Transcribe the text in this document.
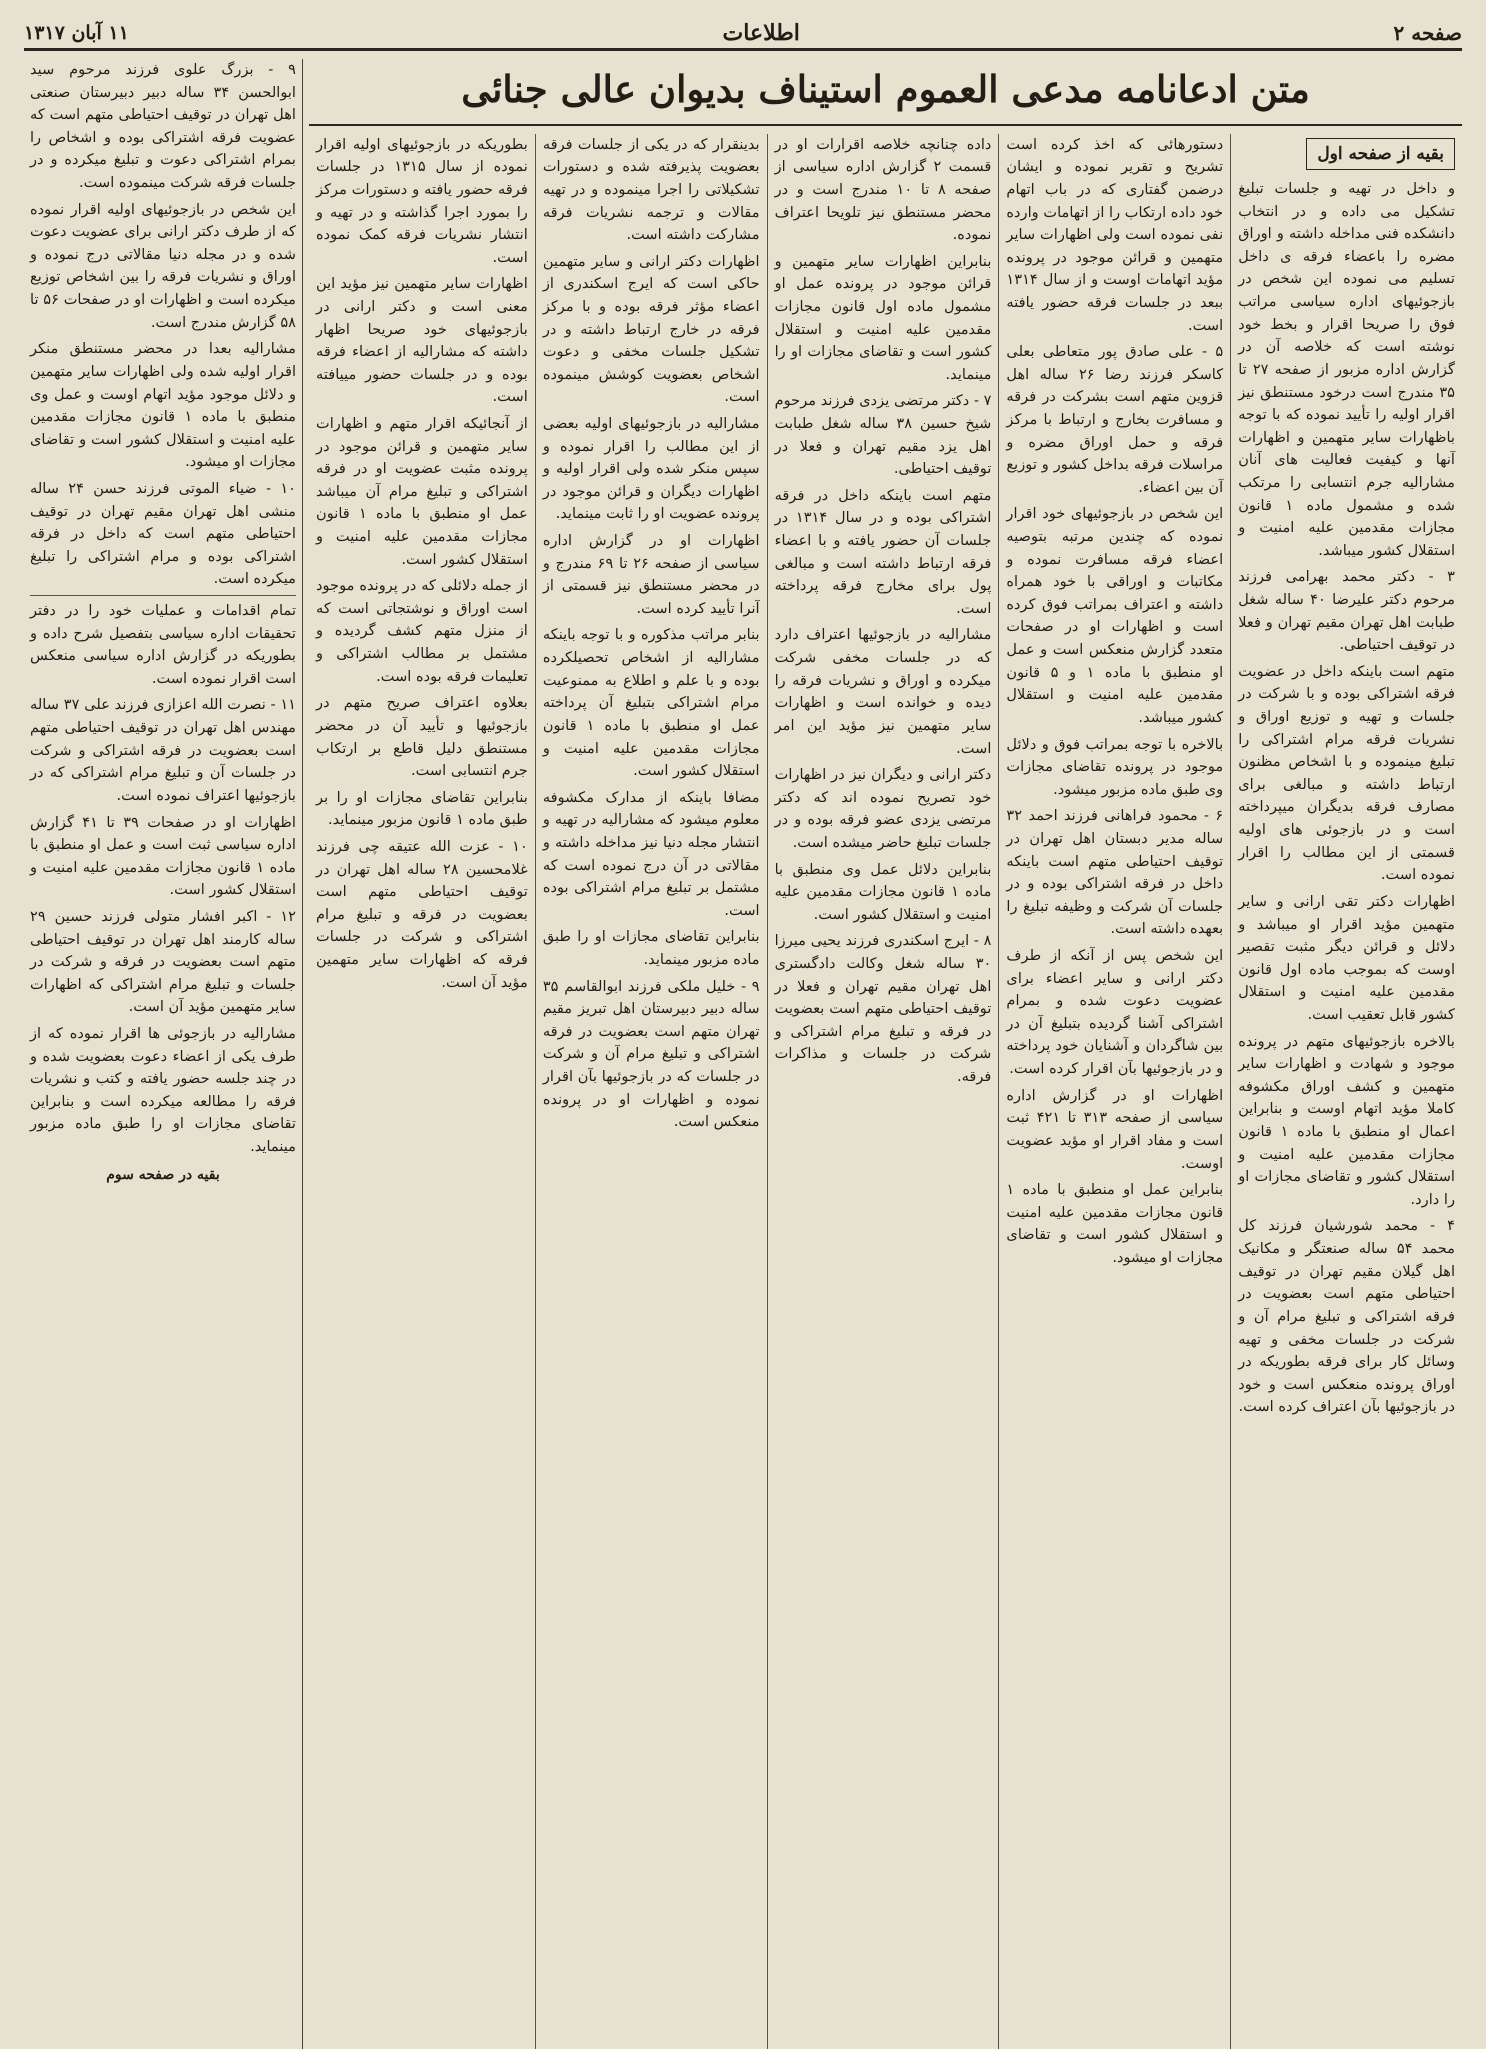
صفحه ۲
اطلاعات
۱۱ آبان ۱۳۱۷
متن ادعانامه مدعی العموم استیناف بدیوان عالی جنائی
بقیه از صفحه اول

و داخل در تهیه و جلسات تبلیغ تشکیل می داده و در انتخاب دانشکده فنی مداخله داشته و اوراق مضره را باعضاء فرقه ی داخل تسلیم می نموده این شخص در بازجوئیهای اداره سیاسی مراتب فوق را صریحا اقرار و بخط خود نوشته است که خلاصه آن در گزارش اداره مزبور از صفحه ۲۷ تا ۳۵ مندرج است درخود مستنطق نیز اقرار اولیه را تأیید نموده که با توجه باظهارات سایر متهمین و اظهارات آنها و کیفیت فعالیت های آنان مشارالیه جرم انتسابی را مرتکب شده و مشمول ماده ۱ قانون مجازات مقدمین علیه امنیت و استقلال کشور میباشد.

۳ - دکتر محمد بهرامی فرزند مرحوم دکتر علیرضا ۴۰ ساله شغل طبابت اهل تهران مقیم تهران و فعلا در توقیف احتیاطی.

متهم است باینکه داخل در عضویت فرقه اشتراکی بوده و با شرکت در جلسات و تهیه و توزیع اوراق و نشریات فرقه مرام اشتراکی را تبلیغ مینموده و با اشخاص مظنون ارتباط داشته و مبالغی برای مصارف فرقه بدیگران میپرداخته است و در بازجوئی های اولیه قسمتی از این مطالب را اقرار نموده است.

اظهارات دکتر تقی ارانی و سایر متهمین مؤید اقرار او میباشد و دلائل و قرائن دیگر مثبت تقصیر اوست که بموجب ماده اول قانون مقدمین علیه امنیت و استقلال کشور قابل تعقیب است.

بالاخره بازجوئیهای متهم در پرونده موجود و شهادت و اظهارات سایر متهمین و کشف اوراق مکشوفه کاملا مؤید اتهام اوست و بنابراین اعمال او منطبق با ماده ۱ قانون مجازات مقدمین علیه امنیت و استقلال کشور و تقاضای مجازات او را دارد.

۴ - محمد شورشیان فرزند کل محمد ۵۴ ساله صنعتگر و مکانیک اهل گیلان مقیم تهران در توقیف احتیاطی متهم است بعضویت در فرقه اشتراکی و تبلیغ مرام آن و شرکت در جلسات مخفی و تهیه وسائل کار برای فرقه بطوریکه در اوراق پرونده منعکس است و خود در بازجوئیها بآن اعتراف کرده است.

دستورهائی که اخذ کرده است تشریح و تقریر نموده و ایشان درضمن گفتاری که در باب اتهام خود داده ارتکاب را از اتهامات وارده نفی نموده است ولی اظهارات سایر متهمین و قرائن موجود در پرونده مؤید اتهامات اوست و از سال ۱۳۱۴ ببعد در جلسات فرقه حضور یافته است.

۵ - علی صادق پور متعاطی بعلی کاسکر فرزند رضا ۲۶ ساله اهل قزوین متهم است بشرکت در فرقه و مسافرت بخارج و ارتباط با مرکز فرقه و حمل اوراق مضره و مراسلات فرقه بداخل کشور و توزیع آن بین اعضاء.

این شخص در بازجوئیهای خود اقرار نموده که چندین مرتبه بتوصیه اعضاء فرقه مسافرت نموده و مکاتبات و اوراقی با خود همراه داشته و اعتراف بمراتب فوق کرده است و اظهارات او در صفحات متعدد گزارش منعکس است و عمل او منطبق با ماده ۱ و ۵ قانون مقدمین علیه امنیت و استقلال کشور میباشد.

بالاخره با توجه بمراتب فوق و دلائل موجود در پرونده تقاضای مجازات وی طبق ماده مزبور میشود.

۶ - محمود فراهانی فرزند احمد ۳۲ ساله مدیر دبستان اهل تهران در توقیف احتیاطی متهم است باینکه داخل در فرقه اشتراکی بوده و در جلسات آن شرکت و وظیفه تبلیغ را بعهده داشته است.

این شخص پس از آنکه از طرف دکتر ارانی و سایر اعضاء برای عضویت دعوت شده و بمرام اشتراکی آشنا گردیده بتبلیغ آن در بین شاگردان و آشنایان خود پرداخته و در بازجوئیها بآن اقرار کرده است.

اظهارات او در گزارش اداره سیاسی از صفحه ۳۱۳ تا ۴۲۱ ثبت است و مفاد اقرار او مؤید عضویت اوست.

بنابراین عمل او منطبق با ماده ۱ قانون مجازات مقدمین علیه امنیت و استقلال کشور است و تقاضای مجازات او میشود.

داده چنانچه خلاصه اقرارات او در قسمت ۲ گزارش اداره سیاسی از صفحه ۸ تا ۱۰ مندرج است و در محضر مستنطق نیز تلویحا اعتراف نموده.

بنابراین اظهارات سایر متهمین و قرائن موجود در پرونده عمل او مشمول ماده اول قانون مجازات مقدمین علیه امنیت و استقلال کشور است و تقاضای مجازات او را مینماید.

۷ - دکتر مرتضی یزدی فرزند مرحوم شیخ حسین ۳۸ ساله شغل طبابت اهل یزد مقیم تهران و فعلا در توقیف احتیاطی.

متهم است باینکه داخل در فرقه اشتراکی بوده و در سال ۱۳۱۴ در جلسات آن حضور یافته و با اعضاء فرقه ارتباط داشته است و مبالغی پول برای مخارج فرقه پرداخته است.

مشارالیه در بازجوئیها اعتراف دارد که در جلسات مخفی شرکت میکرده و اوراق و نشریات فرقه را دیده و خوانده است و اظهارات سایر متهمین نیز مؤید این امر است.

دکتر ارانی و دیگران نیز در اظهارات خود تصریح نموده اند که دکتر مرتضی یزدی عضو فرقه بوده و در جلسات تبلیغ حاضر میشده است.

بنابراین دلائل عمل وی منطبق با ماده ۱ قانون مجازات مقدمین علیه امنیت و استقلال کشور است.

۸ - ایرج اسکندری فرزند یحیی میرزا ۳۰ ساله شغل وکالت دادگستری اهل تهران مقیم تهران و فعلا در توقیف احتیاطی متهم است بعضویت در فرقه و تبلیغ مرام اشتراکی و شرکت در جلسات و مذاکرات فرقه.

بدینقرار که در یکی از جلسات فرقه بعضویت پذیرفته شده و دستورات تشکیلاتی را اجرا مینموده و در تهیه مقالات و ترجمه نشریات فرقه مشارکت داشته است.

اظهارات دکتر ارانی و سایر متهمین حاکی است که ایرج اسکندری از اعضاء مؤثر فرقه بوده و با مرکز فرقه در خارج ارتباط داشته و در تشکیل جلسات مخفی و دعوت اشخاص بعضویت کوشش مینموده است.

مشارالیه در بازجوئیهای اولیه بعضی از این مطالب را اقرار نموده و سپس منکر شده ولی اقرار اولیه و اظهارات دیگران و قرائن موجود در پرونده عضویت او را ثابت مینماید.

اظهارات او در گزارش اداره سیاسی از صفحه ۲۶ تا ۶۹ مندرج و در محضر مستنطق نیز قسمتی از آنرا تأیید کرده است.

بنابر مراتب مذکوره و با توجه باینکه مشارالیه از اشخاص تحصیلکرده بوده و با علم و اطلاع به ممنوعیت مرام اشتراکی بتبلیغ آن پرداخته عمل او منطبق با ماده ۱ قانون مجازات مقدمین علیه امنیت و استقلال کشور است.

مضافا باینکه از مدارک مکشوفه معلوم میشود که مشارالیه در تهیه و انتشار مجله دنیا نیز مداخله داشته و مقالاتی در آن درج نموده است که مشتمل بر تبلیغ مرام اشتراکی بوده است.

بنابراین تقاضای مجازات او را طبق ماده مزبور مینماید.

۹ - خلیل ملکی فرزند ابوالقاسم ۳۵ ساله دبیر دبیرستان اهل تبریز مقیم تهران متهم است بعضویت در فرقه اشتراکی و تبلیغ مرام آن و شرکت در جلسات که در بازجوئیها بآن اقرار نموده و اظهارات او در پرونده منعکس است.

بطوریکه در بازجوئیهای اولیه اقرار نموده از سال ۱۳۱۵ در جلسات فرقه حضور یافته و دستورات مرکز را بمورد اجرا گذاشته و در تهیه و انتشار نشریات فرقه کمک نموده است.

اظهارات سایر متهمین نیز مؤید این معنی است و دکتر ارانی در بازجوئیهای خود صریحا اظهار داشته که مشارالیه از اعضاء فرقه بوده و در جلسات حضور مییافته است.

از آنجائیکه اقرار متهم و اظهارات سایر متهمین و قرائن موجود در پرونده مثبت عضویت او در فرقه اشتراکی و تبلیغ مرام آن میباشد عمل او منطبق با ماده ۱ قانون مجازات مقدمین علیه امنیت و استقلال کشور است.

از جمله دلائلی که در پرونده موجود است اوراق و نوشتجاتی است که از منزل متهم کشف گردیده و مشتمل بر مطالب اشتراکی و تعلیمات فرقه بوده است.

بعلاوه اعتراف صریح متهم در بازجوئیها و تأیید آن در محضر مستنطق دلیل قاطع بر ارتکاب جرم انتسابی است.

بنابراین تقاضای مجازات او را بر طبق ماده ۱ قانون مزبور مینماید.

۱۰ - عزت الله عتیقه چی فرزند غلامحسین ۲۸ ساله اهل تهران در توقیف احتیاطی متهم است بعضویت در فرقه و تبلیغ مرام اشتراکی و شرکت در جلسات فرقه که اظهارات سایر متهمین مؤید آن است.

۹ - بزرگ علوی فرزند مرحوم سید ابوالحسن ۳۴ ساله دبیر دبیرستان صنعتی اهل تهران در توقیف احتیاطی متهم است که عضویت فرقه اشتراکی بوده و اشخاص را بمرام اشتراکی دعوت و تبلیغ میکرده و در جلسات فرقه شرکت مینموده است.

این شخص در بازجوئیهای اولیه اقرار نموده که از طرف دکتر ارانی برای عضویت دعوت شده و در مجله دنیا مقالاتی درج نموده و اوراق و نشریات فرقه را بین اشخاص توزیع میکرده است و اظهارات او در صفحات ۵۶ تا ۵۸ گزارش مندرج است.

مشارالیه بعدا در محضر مستنطق منکر اقرار اولیه شده ولی اظهارات سایر متهمین و دلائل موجود مؤید اتهام اوست و عمل وی منطبق با ماده ۱ قانون مجازات مقدمین علیه امنیت و استقلال کشور است و تقاضای مجازات او میشود.

۱۰ - ضیاء الموتی فرزند حسن ۲۴ ساله منشی اهل تهران مقیم تهران در توقیف احتیاطی متهم است که داخل در فرقه اشتراکی بوده و مرام اشتراکی را تبلیغ میکرده است.

تمام اقدامات و عملیات خود را در دفتر تحقیقات اداره سیاسی بتفصیل شرح داده و بطوریکه در گزارش اداره سیاسی منعکس است اقرار نموده است.

۱۱ - نصرت الله اعزازی فرزند علی ۳۷ ساله مهندس اهل تهران در توقیف احتیاطی متهم است بعضویت در فرقه اشتراکی و شرکت در جلسات آن و تبلیغ مرام اشتراکی که در بازجوئیها اعتراف نموده است.

اظهارات او در صفحات ۳۹ تا ۴۱ گزارش اداره سیاسی ثبت است و عمل او منطبق با ماده ۱ قانون مجازات مقدمین علیه امنیت و استقلال کشور است.

۱۲ - اکبر افشار متولی فرزند حسین ۲۹ ساله کارمند اهل تهران در توقیف احتیاطی متهم است بعضویت در فرقه و شرکت در جلسات و تبلیغ مرام اشتراکی که اظهارات سایر متهمین مؤید آن است.

مشارالیه در بازجوئی ها اقرار نموده که از طرف یکی از اعضاء دعوت بعضویت شده و در چند جلسه حضور یافته و کتب و نشریات فرقه را مطالعه میکرده است و بنابراین تقاضای مجازات او را طبق ماده مزبور مینماید.

بقیه در صفحه سوم
